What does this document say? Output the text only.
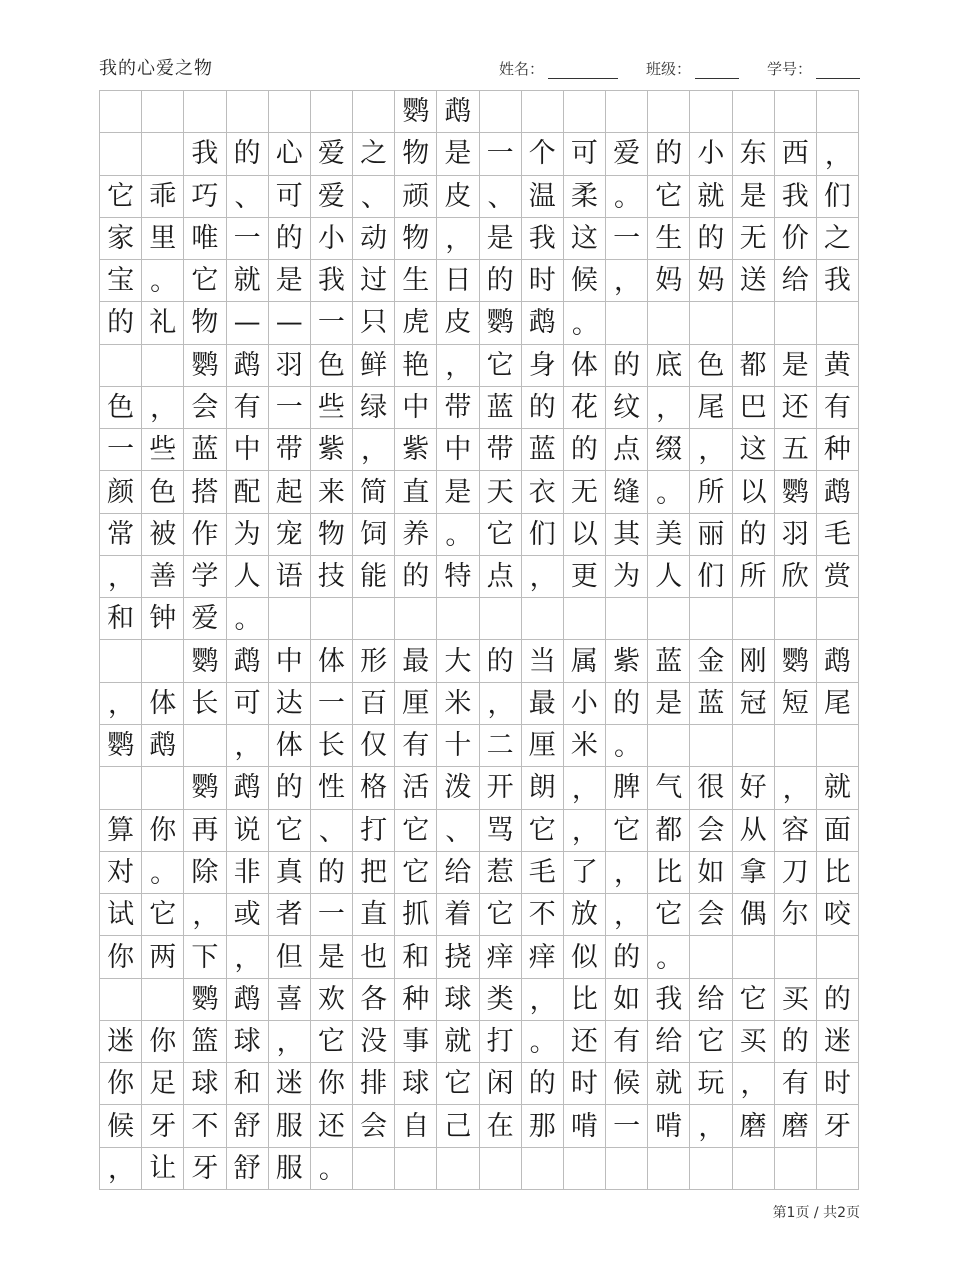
我的心爱之物	姓名：	班级：	学号：
鹦 鹉
我 的 心 爱 之 物 是 一 个 可 爱 的 小 东 西 ，
它 乖 巧 、 可 爱 、 顽 皮 、 温 柔 。 它 就 是 我 们
家 里 唯 一 的 小 动 物 ， 是 我 这 一 生 的 无 价 之
宝 。 它 就 是 我 过 生 日 的 时 候 ， 妈 妈 送 给 我
的 礼 物 — — 一 只 虎 皮 鹦 鹉 。
鹦 鹉 羽 色 鲜 艳 ， 它 身 体 的 底 色 都 是 黄
色 ， 会 有 一 些 绿 中 带 蓝 的 花 纹 ， 尾 巴 还 有
一 些 蓝 中 带 紫 ， 紫 中 带 蓝 的 点 缀 ， 这 五 种
颜 色 搭 配 起 来 简 直 是 天 衣 无 缝 。 所 以 鹦 鹉
常 被 作 为 宠 物 饲 养 。 它 们 以 其 美 丽 的 羽 毛
， 善 学 人 语 技 能 的 特 点 ， 更 为 人 们 所 欣 赏
和 钟 爱 。
鹦 鹉 中 体 形 最 大 的 当 属 紫 蓝 金 刚 鹦 鹉
， 体 长 可 达 一 百 厘 米 ， 最 小 的 是 蓝 冠 短 尾
鹦 鹉 ， 体 长 仅 有 十 二 厘 米 。
鹦 鹉 的 性 格 活 泼 开 朗 ， 脾 气 很 好 ， 就
算 你 再 说 它 、 打 它 、 骂 它 ， 它 都 会 从 容 面
对 。 除 非 真 的 把 它 给 惹 毛 了 ， 比 如 拿 刀 比
试 它 ， 或 者 一 直 抓 着 它 不 放 ， 它 会 偶 尔 咬
你 两 下 ， 但 是 也 和 挠 痒 痒 似 的 。
鹦 鹉 喜 欢 各 种 球 类 ， 比 如 我 给 它 买 的
迷 你 篮 球 ， 它 没 事 就 打 。 还 有 给 它 买 的 迷
你 足 球 和 迷 你 排 球 它 闲 的 时 候 就 玩 ， 有 时
候 牙 不 舒 服 还 会 自 己 在 那 啃 一 啃 ， 磨 磨 牙
， 让 牙 舒 服 。
第1页 / 共2页
